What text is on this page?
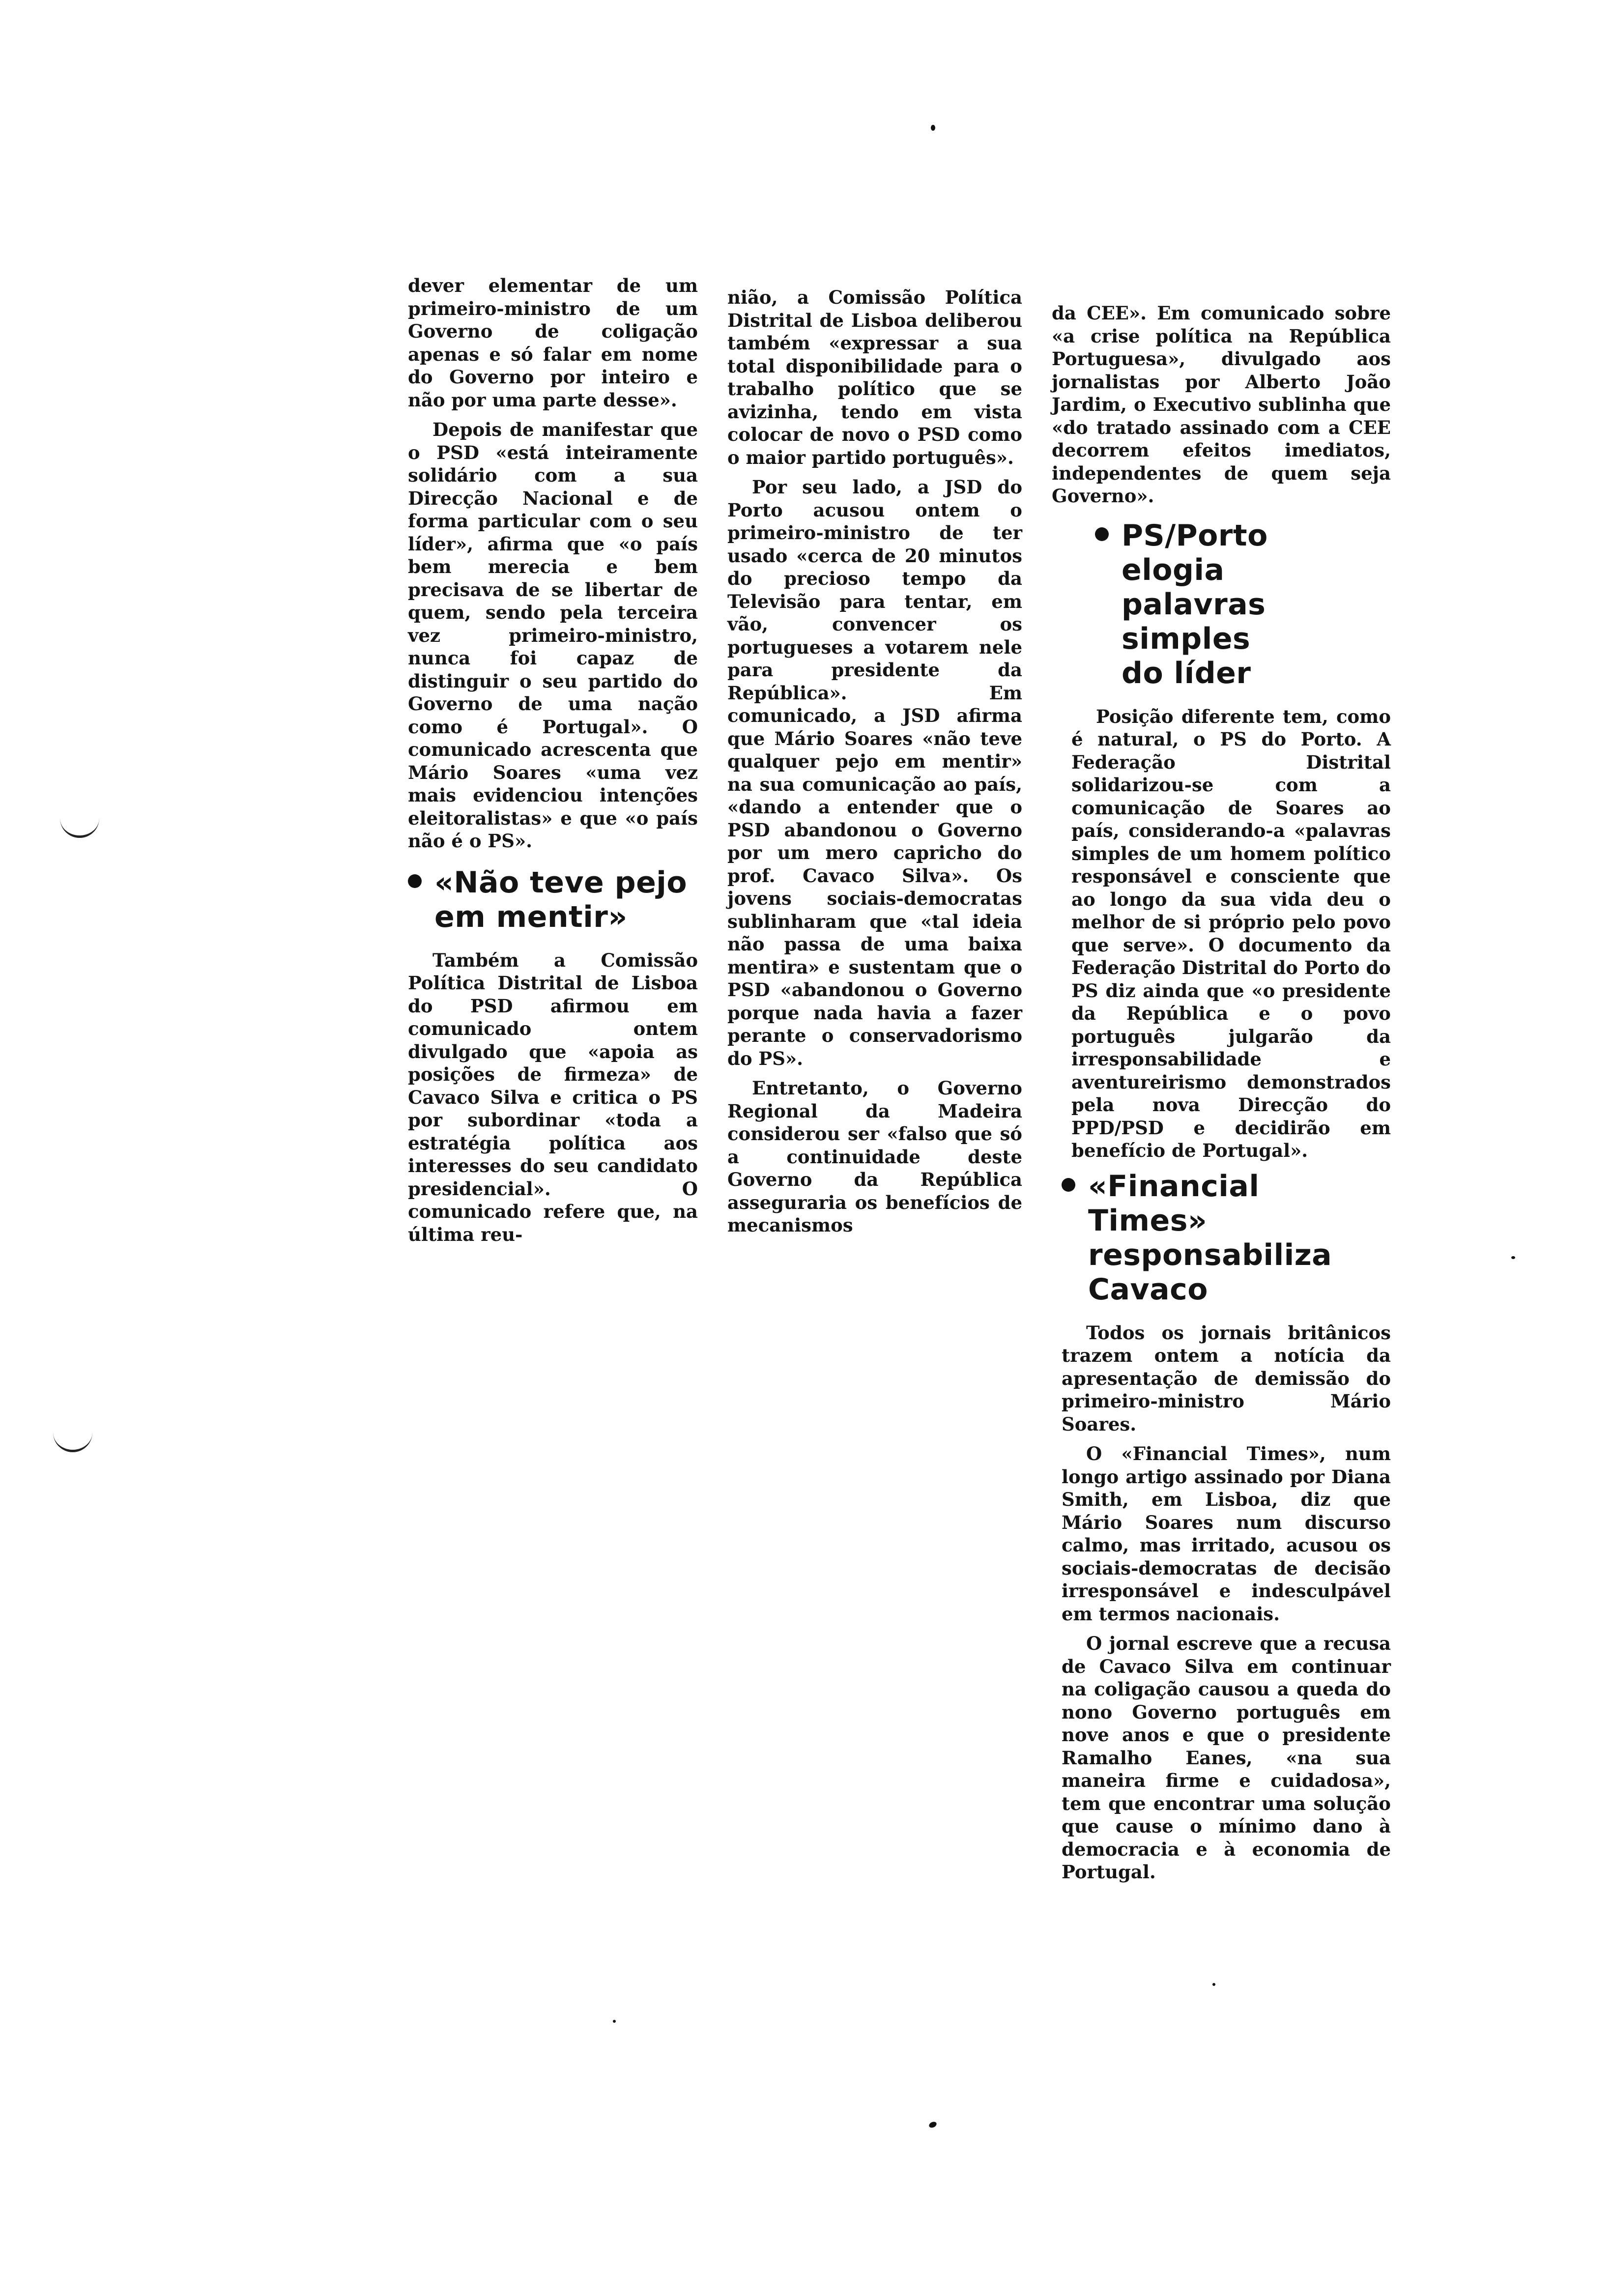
dever elementar de um primeiro-ministro de um Governo de coligação apenas e só falar em nome do Governo por inteiro e não por uma parte desse».

Depois de manifestar que o PSD «está inteiramente solidário com a sua Direcção Nacional e de forma particular com o seu líder», afirma que «o país bem merecia e bem precisava de se libertar de quem, sendo pela terceira vez primeiro-ministro, nunca foi capaz de distinguir o seu partido do Governo de uma nação como é Portugal». O comunicado acrescenta que Mário Soares «uma vez mais evidenciou intenções eleitoralistas» e que «o país não é o PS».

«Não teve pejo
em mentir»

Também a Comissão Política Distrital de Lisboa do PSD afirmou em comunicado ontem divulgado que «apoia as posições de firmeza» de Cavaco Silva e critica o PS por subordinar «toda a estratégia política aos interesses do seu candidato presidencial». O comunicado refere que, na última reu-

nião, a Comissão Política Distrital de Lisboa deliberou também «expressar a sua total disponibilidade para o trabalho político que se avizinha, tendo em vista colocar de novo o PSD como o maior partido português».

Por seu lado, a JSD do Porto acusou ontem o primeiro-ministro de ter usado «cerca de 20 minutos do precioso tempo da Televisão para tentar, em vão, convencer os portugueses a votarem nele para presidente da República». Em comunicado, a JSD afirma que Mário Soares «não teve qualquer pejo em mentir» na sua comunicação ao país, «dando a entender que o PSD abandonou o Governo por um mero capricho do prof. Cavaco Silva». Os jovens sociais-democratas sublinharam que «tal ideia não passa de uma baixa mentira» e sustentam que o PSD «abandonou o Governo porque nada havia a fazer perante o conservadorismo do PS».

Entretanto, o Governo Regional da Madeira considerou ser «falso que só a continuidade deste Governo da República asseguraria os benefícios de mecanismos

da CEE». Em comunicado sobre «a crise política na República Portuguesa», divulgado aos jornalistas por Alberto João Jardim, o Executivo sublinha que «do tratado assinado com a CEE decorrem efeitos imediatos, independentes de quem seja Governo».

PS/Porto
elogia
palavras
simples
do líder

Posição diferente tem, como é natural, o PS do Porto. A Federação Distrital solidarizou-se com a comunicação de Soares ao país, considerando-a «palavras simples de um homem político responsável e consciente que ao longo da sua vida deu o melhor de si próprio pelo povo que serve». O documento da Federação Distrital do Porto do PS diz ainda que «o presidente da República e o povo português julgarão da irresponsabilidade e aventureirismo demonstrados pela nova Direcção do PPD/PSD e decidirão em benefício de Portugal».

«Financial
Times»
responsabiliza
Cavaco

Todos os jornais britânicos trazem ontem a notícia da apresentação de demissão do primeiro-ministro Mário Soares.

O «Financial Times», num longo artigo assinado por Diana Smith, em Lisboa, diz que Mário Soares num discurso calmo, mas irritado, acusou os sociais-democratas de decisão irresponsável e indesculpável em termos nacionais.

O jornal escreve que a recusa de Cavaco Silva em continuar na coligação causou a queda do nono Governo português em nove anos e que o presidente Ramalho Eanes, «na sua maneira firme e cuidadosa», tem que encontrar uma solução que cause o mínimo dano à democracia e à economia de Portugal.
